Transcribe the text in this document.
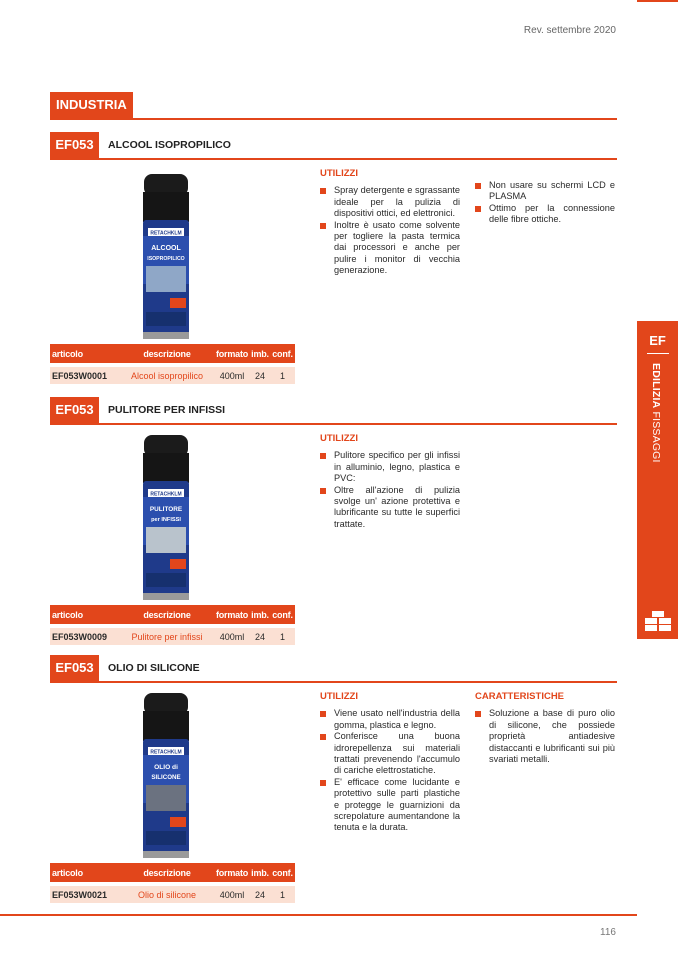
Rev. settembre 2020
INDUSTRIA
EF053	ALCOOL ISOPROPILICO
RETACHKLM
ALCOOL
ISOPROPILICO
UTILIZZI
Spray detergente e sgrassante ideale per la pulizia di dispositivi ottici, ed elettronici.
Inoltre è usato come solvente per togliere la pasta termica dai processori e anche per pulire i monitor di vecchia generazione.
Non usare su schermi LCD e PLASMA
Ottimo per la connessione delle fibre ottiche.
articolo	descrizione	formato	imb.	conf.

EF053W0001	Alcool isopropilico	400ml	24	1
EF053	PULITORE PER INFISSI
RETACHKLM
PULITORE
per INFISSI
UTILIZZI
Pulitore specifico per gli infissi in alluminio, legno, plastica e PVC:
Oltre all'azione di pulizia svolge un' azione protettiva e lubrificante su tutte le superfici trattate.
articolo	descrizione	formato	imb.	conf.

EF053W0009	Pulitore per infissi	400ml	24	1
EF053	OLIO DI SILICONE
RETACHKLM
OLIO di
SILICONE
UTILIZZI
Viene usato nell'industria della gomma, plastica e legno.
Conferisce una buona idrorepellenza sui materiali trattati prevenendo l'accumulo di cariche elettrostatiche.
E' efficace come lucidante e protettivo sulle parti plastiche e protegge le guarnizioni da screpolature aumentandone la tenuta e la durata.
CARATTERISTICHE
Soluzione a base di puro olio di silicone, che possiede proprietà antiadesive distaccanti e lubrificanti sui più svariati metalli.
articolo	descrizione	formato	imb.	conf.

EF053W0021	Olio di silicone	400ml	24	1
EF
EDILIZIA FISSAGGI
116
